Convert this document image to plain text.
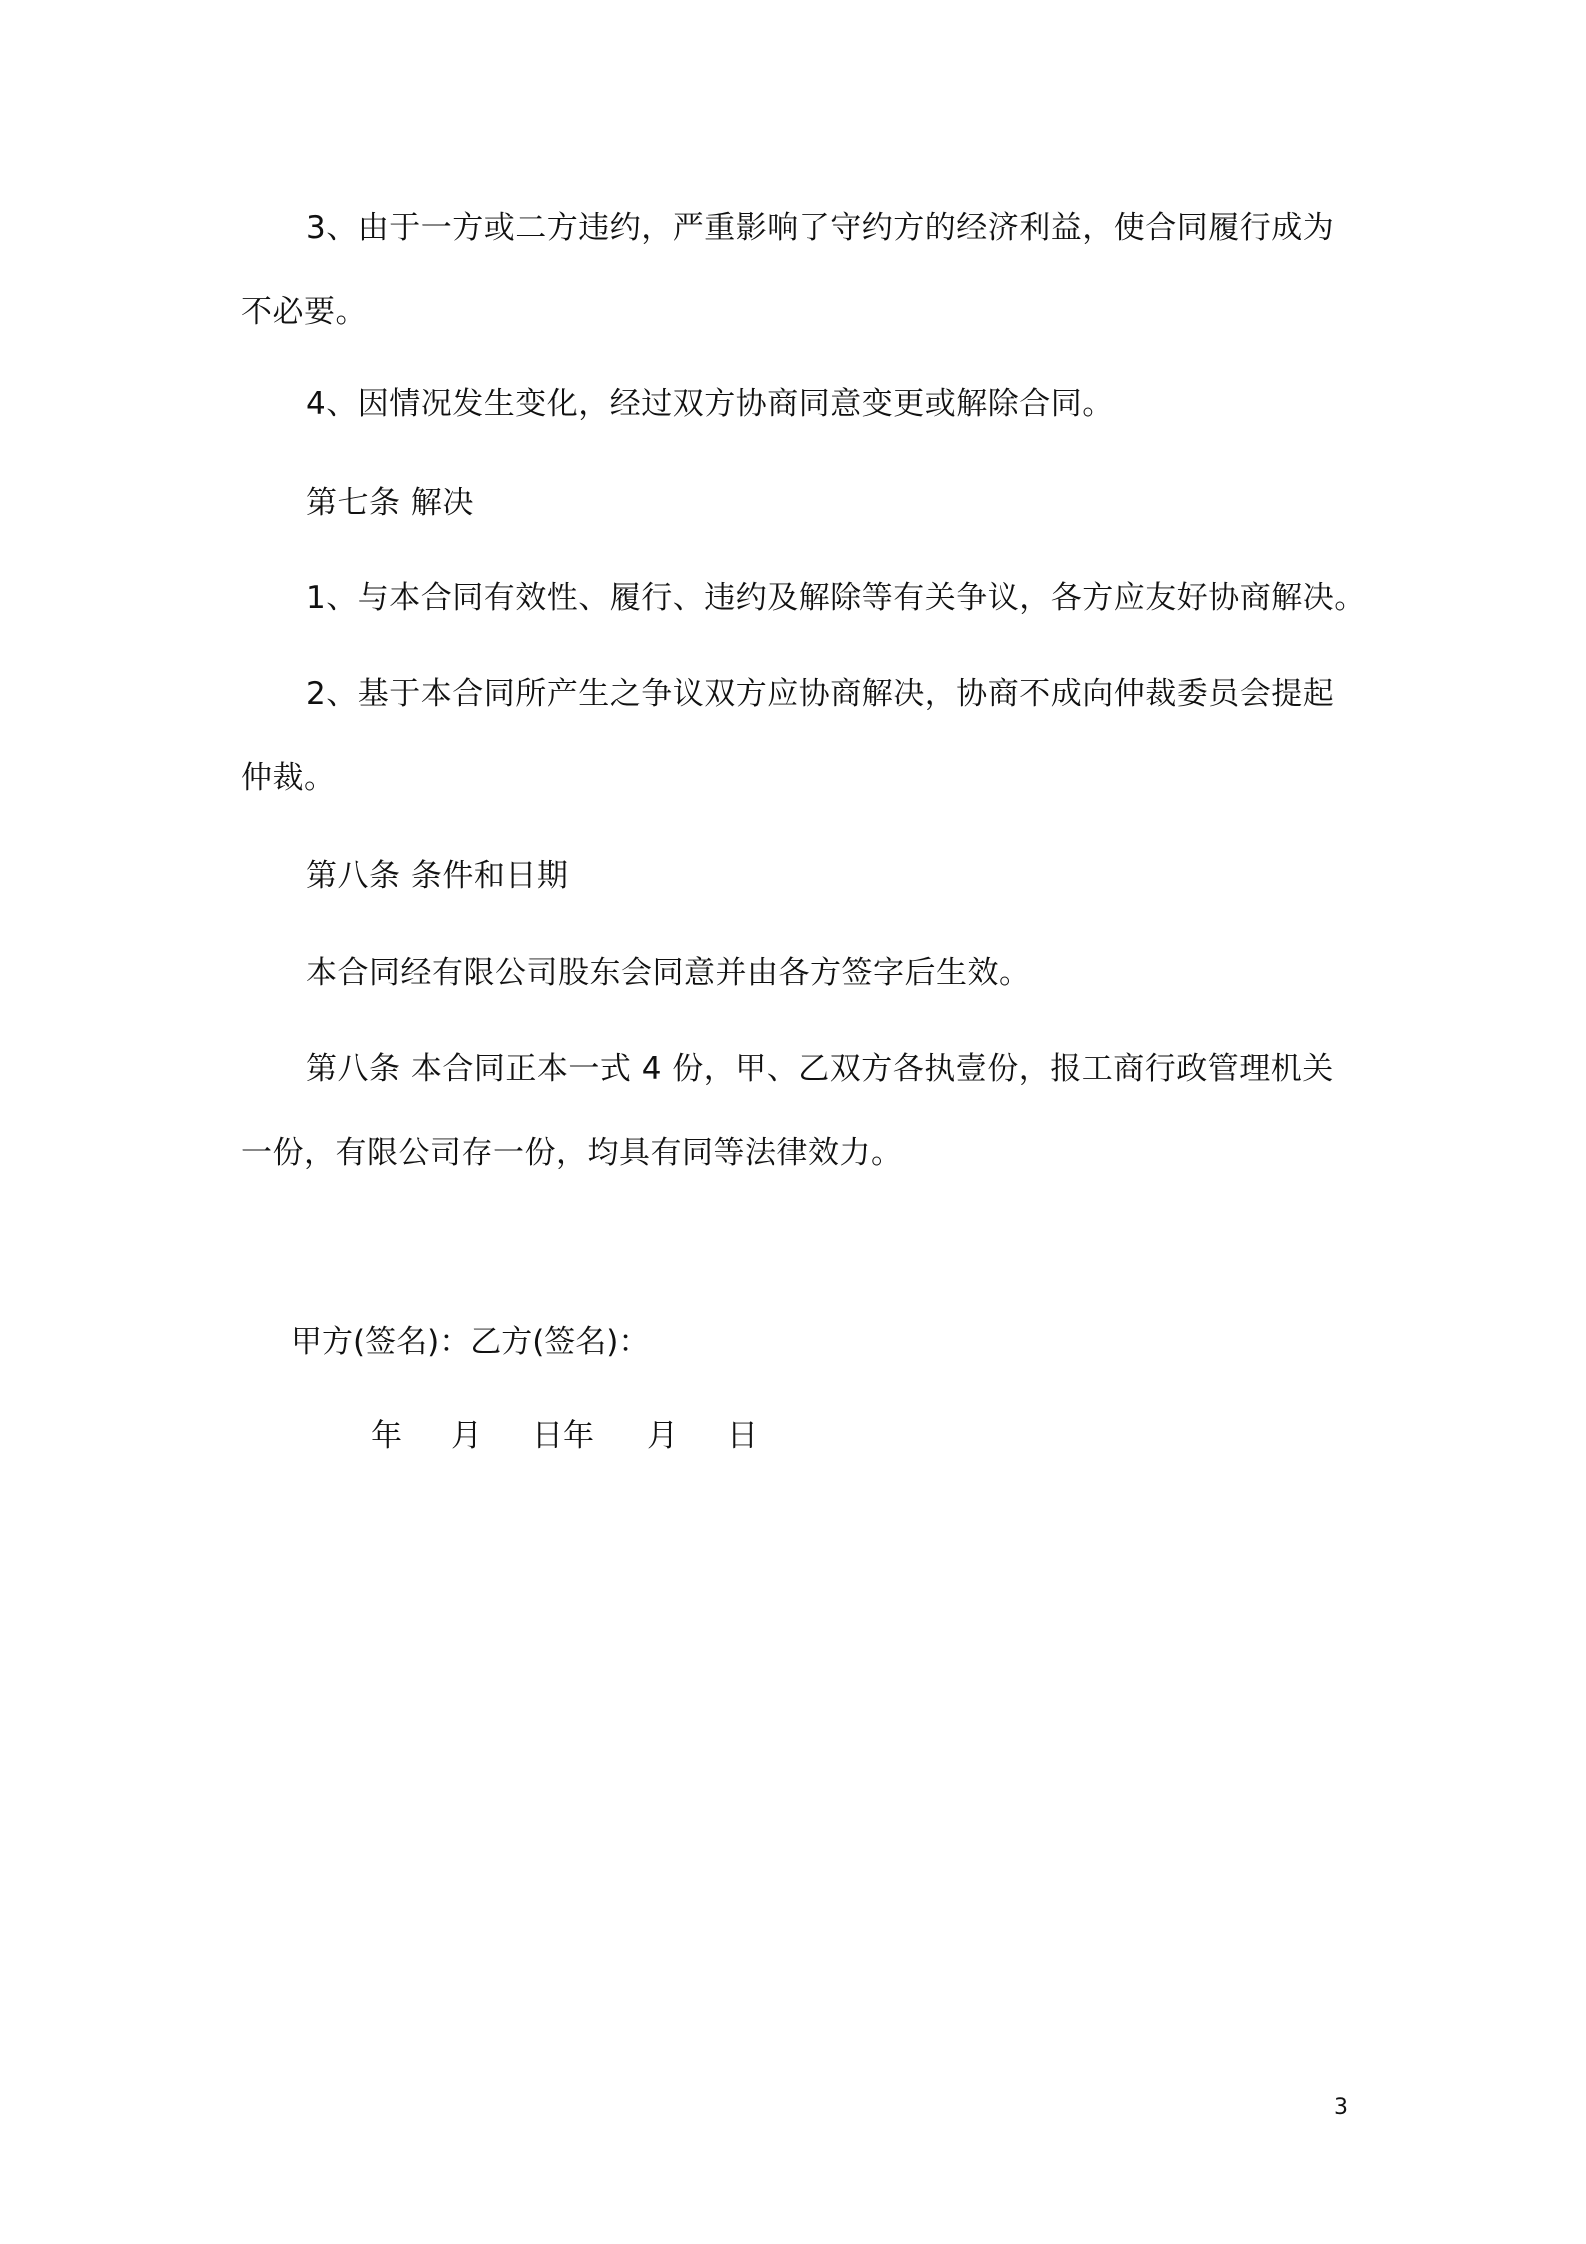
3、由于一方或二方违约，严重影响了守约方的经济利益，使合同履行成为
不必要。
4、因情况发生变化，经过双方协商同意变更或解除合同。
第七条 解决
1、与本合同有效性、履行、违约及解除等有关争议，各方应友好协商解决。
2、基于本合同所产生之争议双方应协商解决，协商不成向仲裁委员会提起
仲裁。
第八条 条件和日期
本合同经有限公司股东会同意并由各方签字后生效。
第八条 本合同正本一式 4 份，甲、乙双方各执壹份，报工商行政管理机关
一份，有限公司存一份，均具有同等法律效力。
甲方(签名)：乙方(签名)：
年 月 日年 月 日
3
